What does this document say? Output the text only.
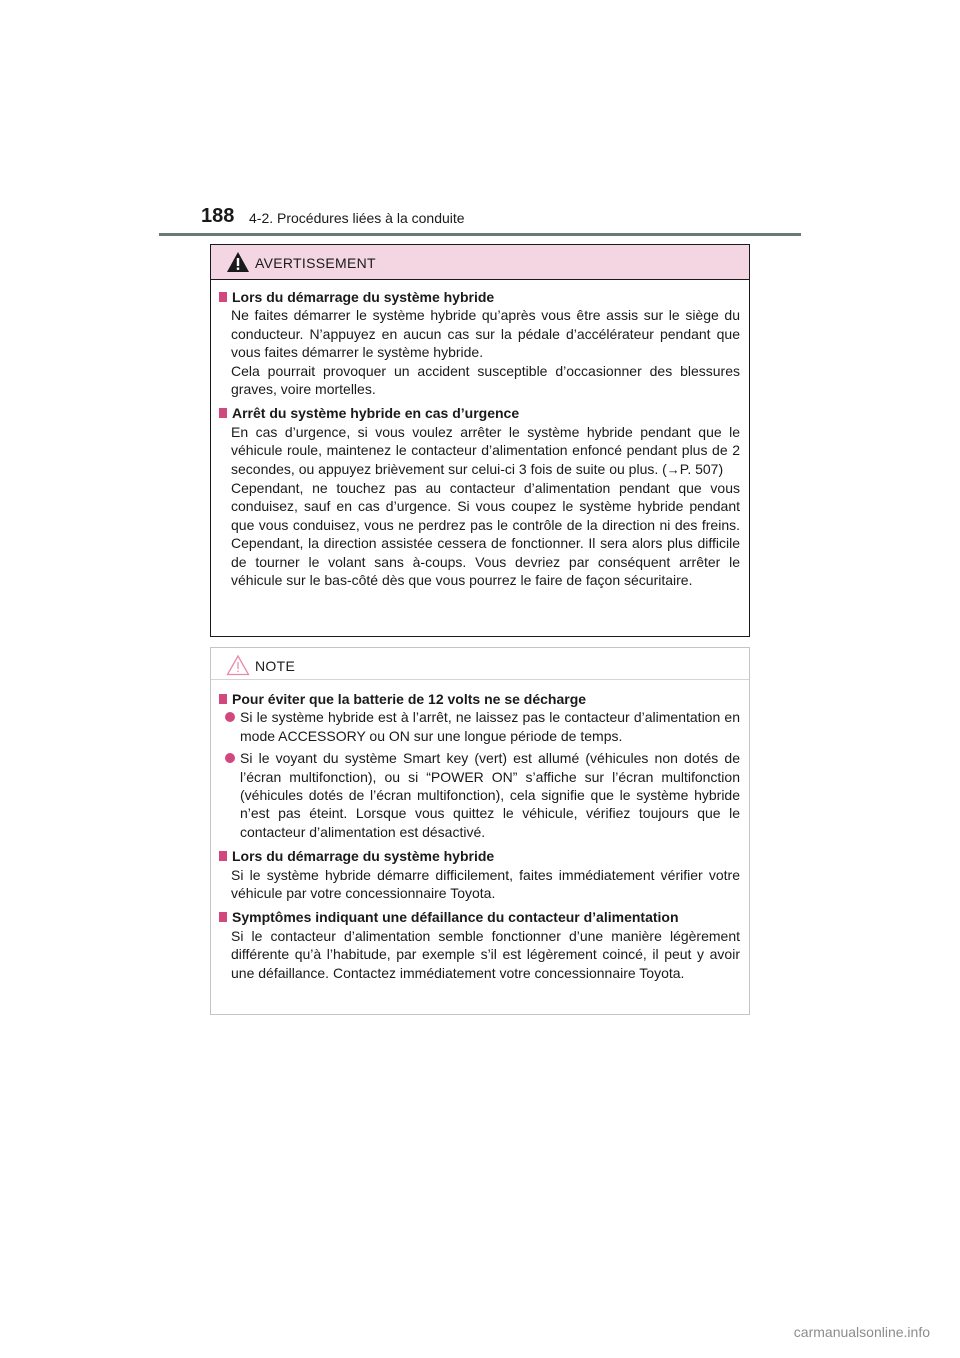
188 4-2. Procédures liées à la conduite
AVERTISSEMENT
Lors du démarrage du système hybride
Ne faites démarrer le système hybride qu’après vous être assis sur le siège du conducteur. N’appuyez en aucun cas sur la pédale d’accélérateur pendant que vous faites démarrer le système hybride.
Cela pourrait provoquer un accident susceptible d’occasionner des blessures graves, voire mortelles.
Arrêt du système hybride en cas d’urgence
En cas d’urgence, si vous voulez arrêter le système hybride pendant que le véhicule roule, maintenez le contacteur d’alimentation enfoncé pendant plus de 2 secondes, ou appuyez brièvement sur celui-ci 3 fois de suite ou plus. (→P. 507)
Cependant, ne touchez pas au contacteur d’alimentation pendant que vous conduisez, sauf en cas d’urgence. Si vous coupez le système hybride pendant que vous conduisez, vous ne perdrez pas le contrôle de la direction ni des freins. Cependant, la direction assistée cessera de fonctionner. Il sera alors plus difficile de tourner le volant sans à-coups. Vous devriez par conséquent arrêter le véhicule sur le bas-côté dès que vous pourrez le faire de façon sécuritaire.
NOTE
Pour éviter que la batterie de 12 volts ne se décharge
Si le système hybride est à l’arrêt, ne laissez pas le contacteur d’alimentation en mode ACCESSORY ou ON sur une longue période de temps.
Si le voyant du système Smart key (vert) est allumé (véhicules non dotés de l’écran multifonction), ou si “POWER ON” s’affiche sur l’écran multifonction (véhicules dotés de l’écran multifonction), cela signifie que le système hybride n’est pas éteint. Lorsque vous quittez le véhicule, vérifiez toujours que le contacteur d’alimentation est désactivé.
Lors du démarrage du système hybride
Si le système hybride démarre difficilement, faites immédiatement vérifier votre véhicule par votre concessionnaire Toyota.
Symptômes indiquant une défaillance du contacteur d’alimentation
Si le contacteur d’alimentation semble fonctionner d’une manière légèrement différente qu’à l’habitude, par exemple s’il est légèrement coincé, il peut y avoir une défaillance. Contactez immédiatement votre concessionnaire Toyota.
carmanualsonline.info
